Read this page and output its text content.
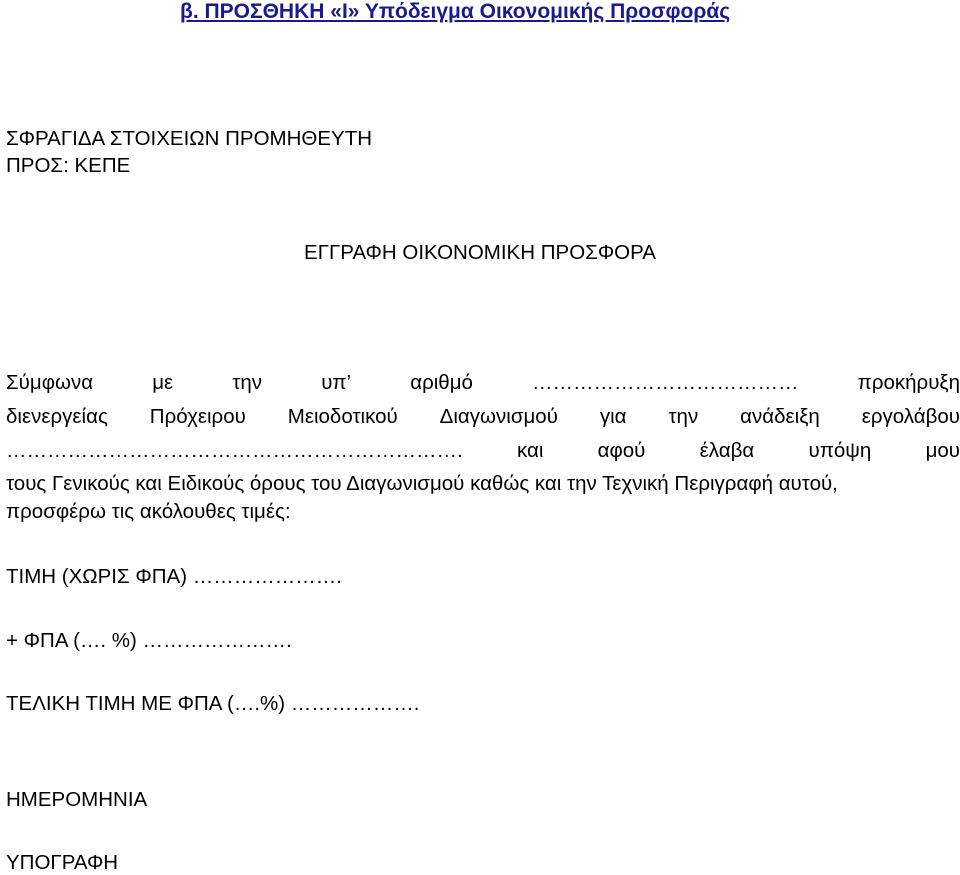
β. ΠΡΟΣΘΗΚΗ «Ι» Υπόδειγμα Οικονομικής Προσφοράς
ΣΦΡΑΓΙΔΑ ΣΤΟΙΧΕΙΩΝ ΠΡΟΜΗΘΕΥΤΗ
ΠΡΟΣ: ΚΕΠΕ
ΕΓΓΡΑΦΗ ΟΙΚΟΝΟΜΙΚΗ ΠΡΟΣΦΟΡΑ
Σύμφωνα	με	την	υπ’	αριθμό	…………………………………	προκήρυξη
διενεργείας Πρόχειρου Μειοδοτικού Διαγωνισμού για την ανάδειξη εργολάβου
………………………………………………………….	και	αφού	έλαβα	υπόψη	μου
τους Γενικούς και Ειδικούς όρους του Διαγωνισμού καθώς και την Τεχνική Περιγραφή αυτού,
προσφέρω τις ακόλουθες τιμές:
ΤΙΜΗ (ΧΩΡΙΣ ΦΠΑ) ………………….
+ ΦΠΑ (…. %) ………………….
ΤΕΛΙΚΗ ΤΙΜΗ ΜΕ ΦΠΑ (….%) ……………….
ΗΜΕΡΟΜΗΝΙΑ
ΥΠΟΓΡΑΦΗ
